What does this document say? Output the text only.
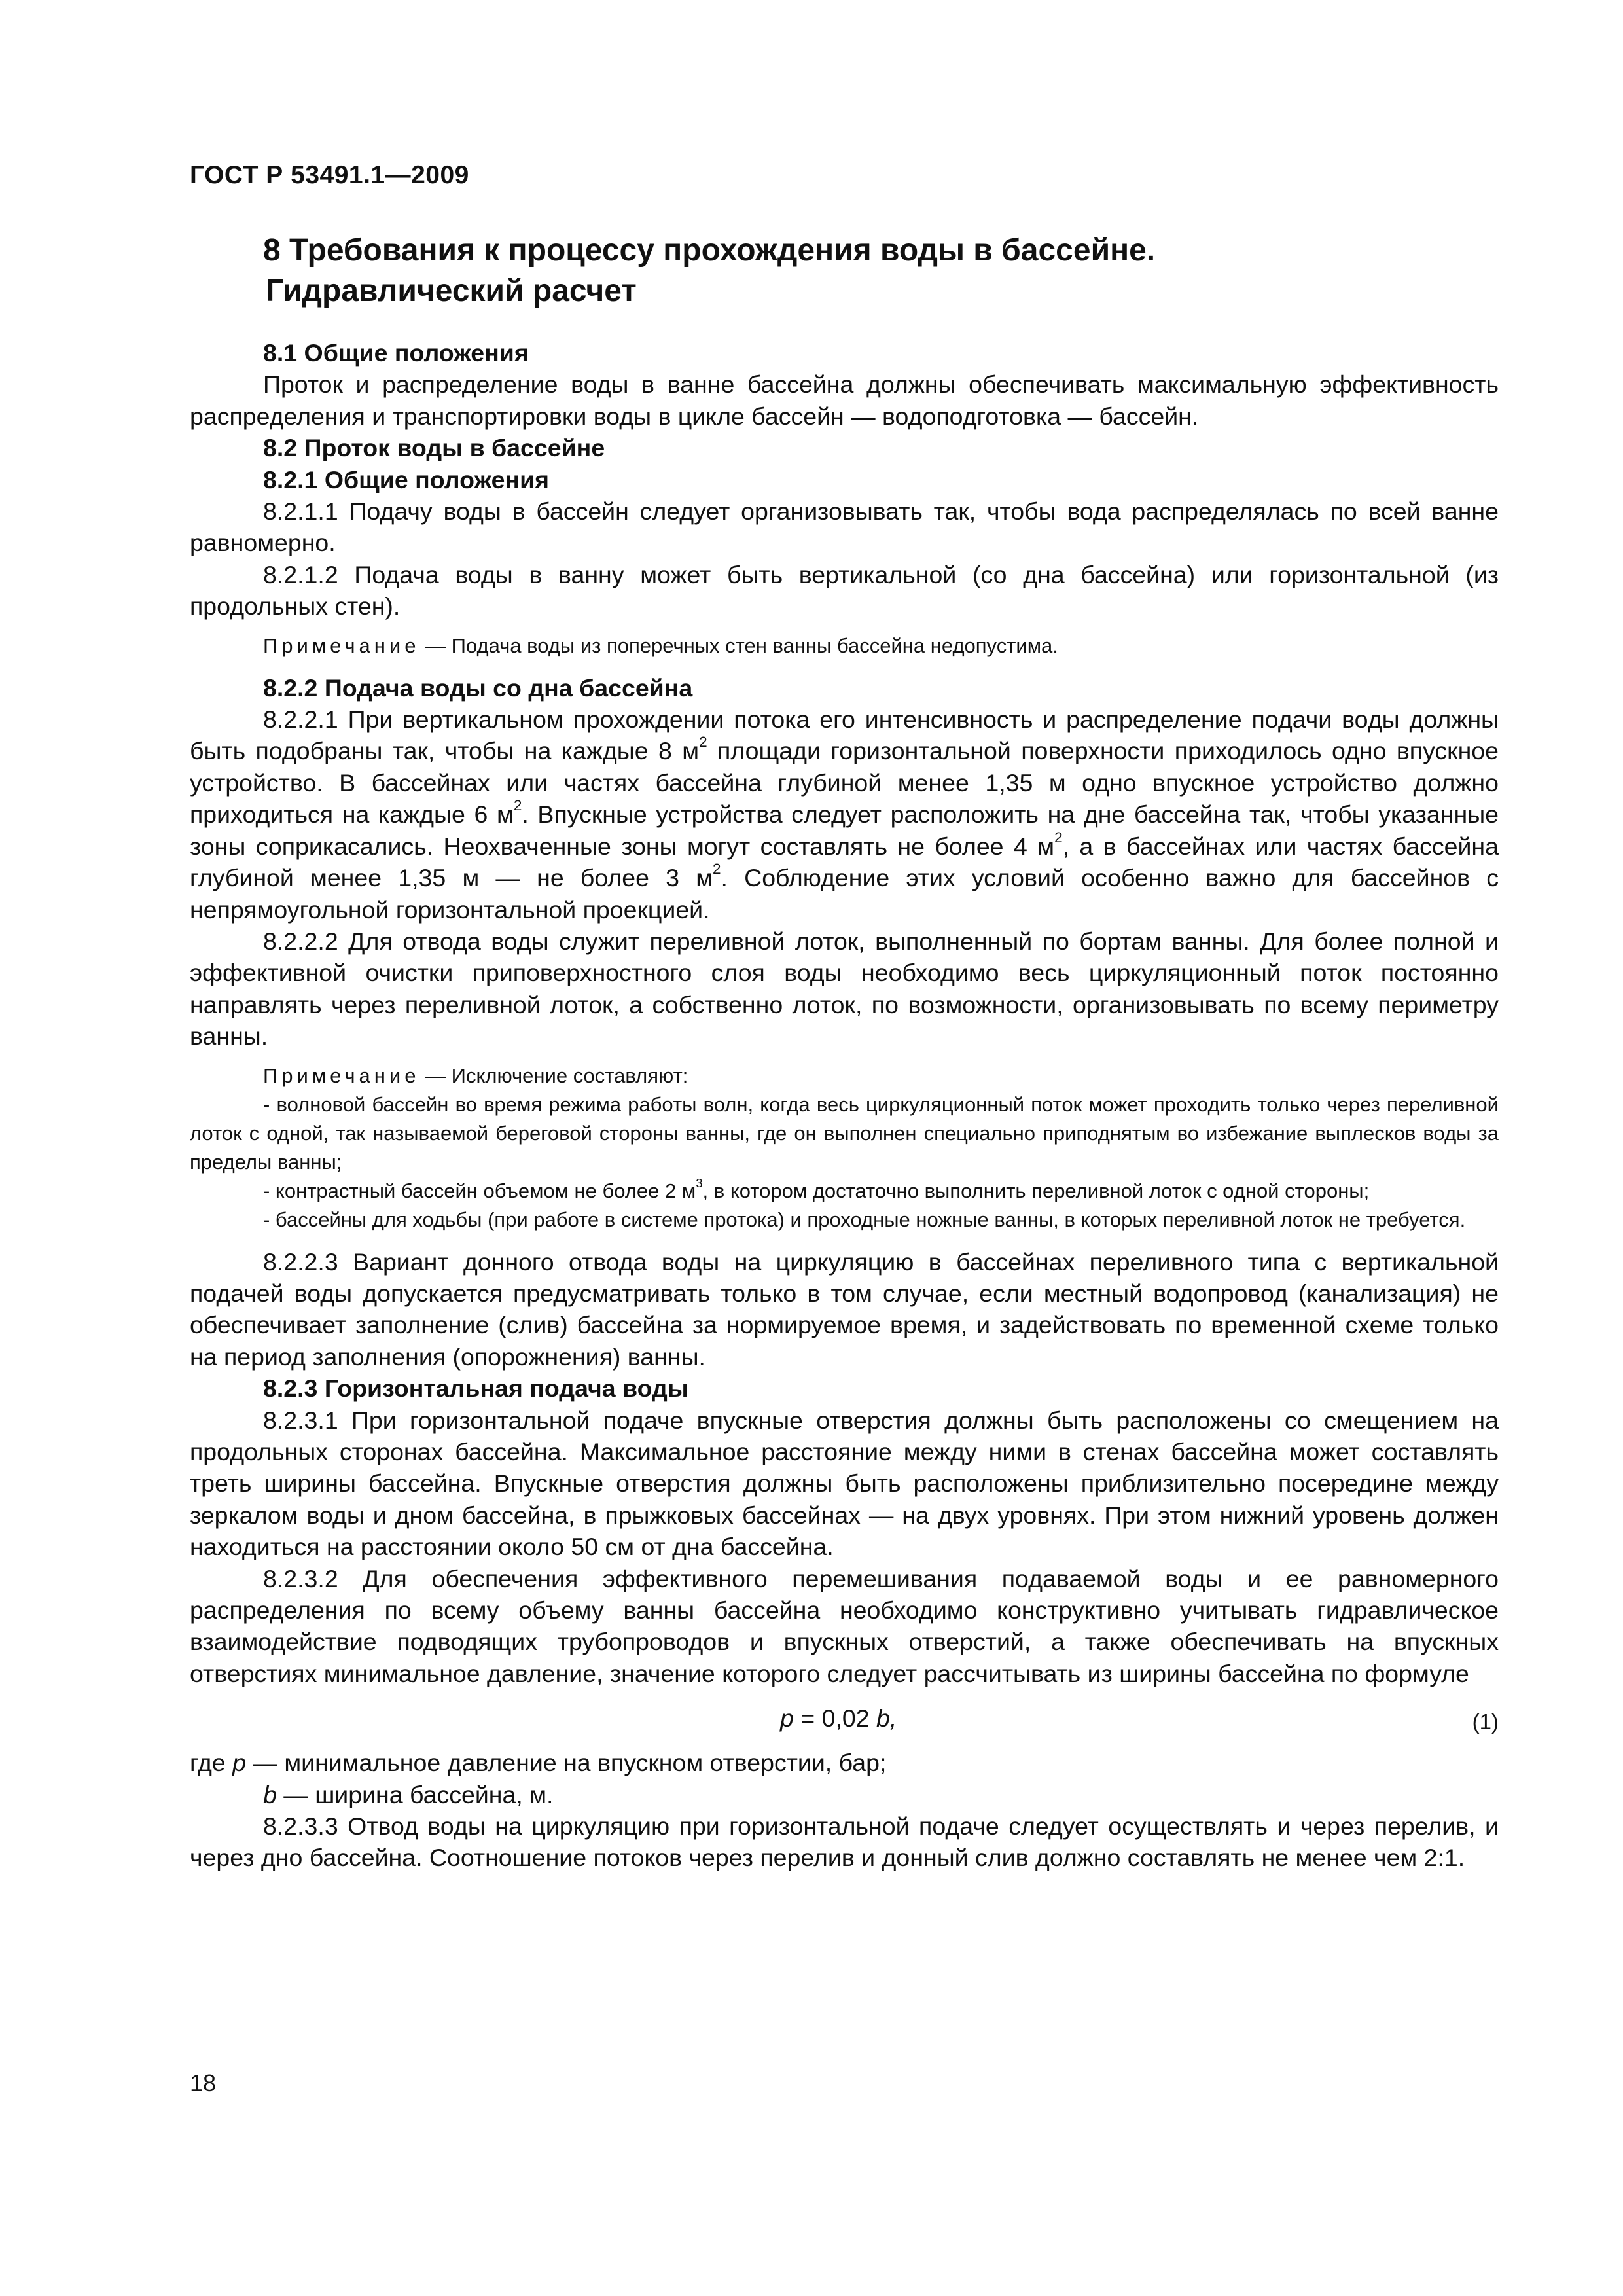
ГОСТ Р 53491.1—2009
8 Требования к процессу прохождения воды в бассейне.

Гидравлический расчет

8.1 Общие положения

Проток и распределение воды в ванне бассейна должны обеспечивать максимальную эффективность распределения и транспортировки воды в цикле бассейн — водоподготовка — бассейн.

8.2 Проток воды в бассейне

8.2.1 Общие положения

8.2.1.1 Подачу воды в бассейн следует организовывать так, чтобы вода распределялась по всей ванне равномерно.

8.2.1.2 Подача воды в ванну может быть вертикальной (со дна бассейна) или горизонтальной (из продольных стен).

Примечание — Подача воды из поперечных стен ванны бассейна недопустима.

8.2.2 Подача воды со дна бассейна

8.2.2.1 При вертикальном прохождении потока его интенсивность и распределение подачи воды должны быть подобраны так, чтобы на каждые 8 $м^2$ площади горизонтальной поверхности приходилось одно впускное устройство. В бассейнах или частях бассейна глубиной менее 1,35 м одно впускное устройство должно приходиться на каждые 6 $м^2$. Впускные устройства следует расположить на дне бассейна так, чтобы указанные зоны соприкасались. Неохваченные зоны могут составлять не более 4 $м^2$, а в бассейнах или частях бассейна глубиной менее 1,35 м — не более 3 $м^2$. Соблюдение этих условий особенно важно для бассейнов с непрямоугольной горизонтальной проекцией.

8.2.2.2 Для отвода воды служит переливной лоток, выполненный по бортам ванны. Для более полной и эффективной очистки приповерхностного слоя воды необходимо весь циркуляционный поток постоянно направлять через переливной лоток, а собственно лоток, по возможности, организовывать по всему периметру ванны.

Примечание — Исключение составляют:

- волновой бассейн во время режима работы волн, когда весь циркуляционный поток может проходить только через переливной лоток с одной, так называемой береговой стороны ванны, где он выполнен специально приподнятым во избежание выплесков воды за пределы ванны;

- контрастный бассейн объемом не более 2 $м^3$, в котором достаточно выполнить переливной лоток с одной стороны;

- бассейны для ходьбы (при работе в системе протока) и проходные ножные ванны, в которых переливной лоток не требуется.

8.2.2.3 Вариант донного отвода воды на циркуляцию в бассейнах переливного типа с вертикальной подачей воды допускается предусматривать только в том случае, если местный водопровод (канализация) не обеспечивает заполнение (слив) бассейна за нормируемое время, и задействовать по временной схеме только на период заполнения (опорожнения) ванны.

8.2.3 Горизонтальная подача воды

8.2.3.1 При горизонтальной подаче впускные отверстия должны быть расположены со смещением на продольных сторонах бассейна. Максимальное расстояние между ними в стенах бассейна может составлять треть ширины бассейна. Впускные отверстия должны быть расположены приблизительно посередине между зеркалом воды и дном бассейна, в прыжковых бассейнах — на двух уровнях. При этом нижний уровень должен находиться на расстоянии около 50 см от дна бассейна.

8.2.3.2 Для обеспечения эффективного перемешивания подаваемой воды и ее равномерного распределения по всему объему ванны бассейна необходимо конструктивно учитывать гидравлическое взаимодействие подводящих трубопроводов и впускных отверстий, а также обеспечивать на впускных отверстиях минимальное давление, значение которого следует рассчитывать из ширины бассейна по формуле

p = 0,02 b,	(1)

где p — минимальное давление на впускном отверстии, бар;

b — ширина бассейна, м.

8.2.3.3 Отвод воды на циркуляцию при горизонтальной подаче следует осуществлять и через перелив, и через дно бассейна. Соотношение потоков через перелив и донный слив должно составлять не менее чем 2:1.

18
